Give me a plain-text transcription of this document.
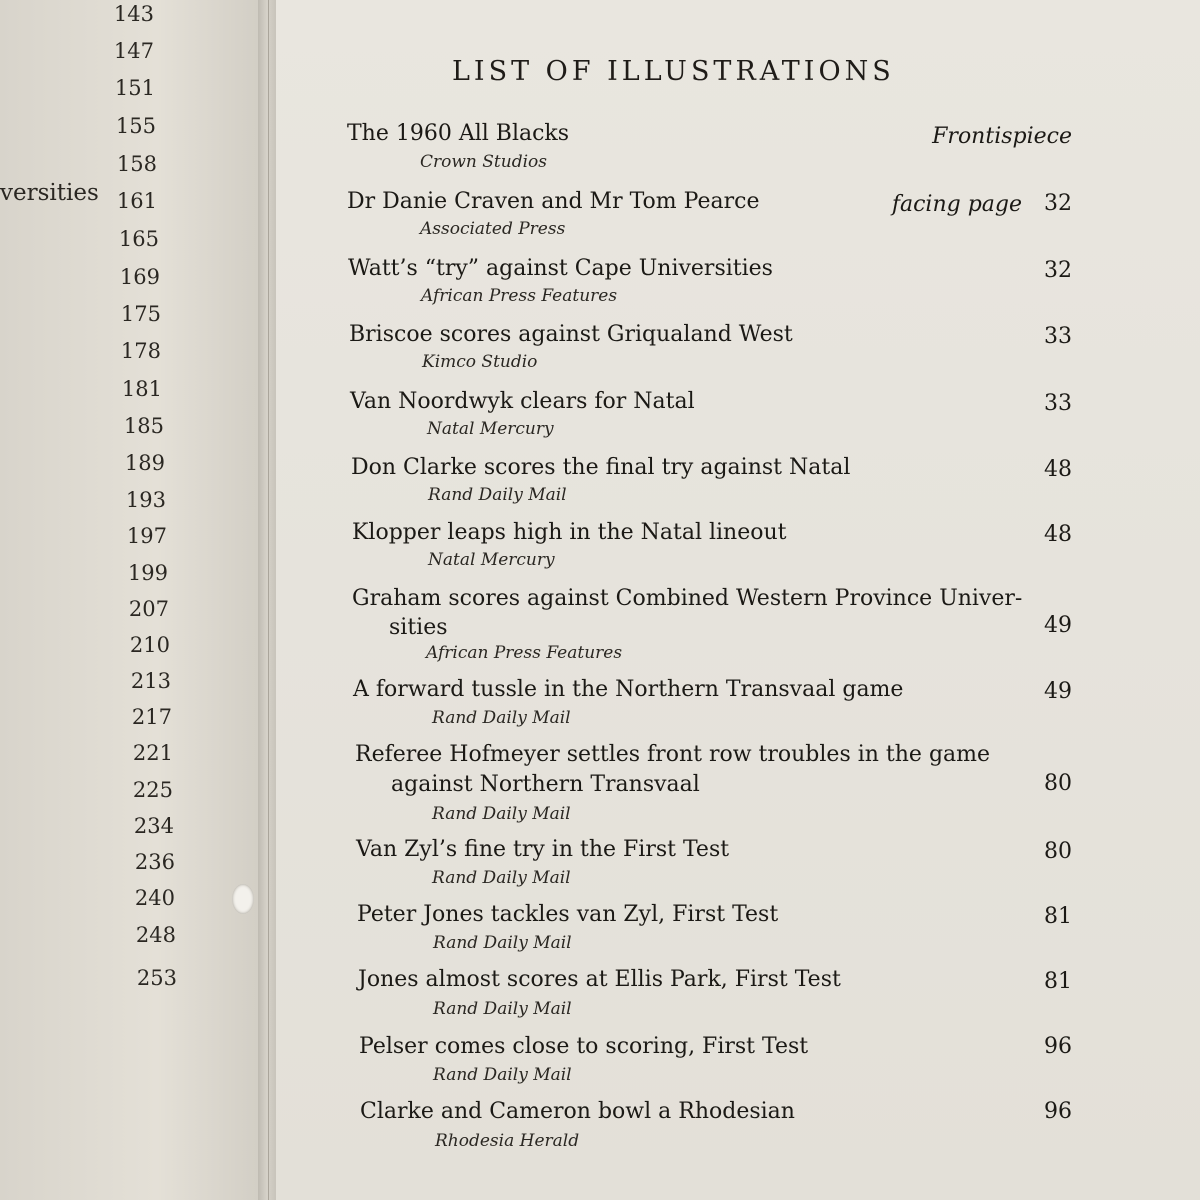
versities
143
147
151
155
158
161
165
169
175
178
181
185
189
193
197
199
207
210
213
217
221
225
234
236
240
248
253
LIST OF ILLUSTRATIONS
The 1960 All Blacks
Crown Studios
Frontispiece
Dr Danie Craven and Mr Tom Pearce
Associated Press
facing page 32
Watt’s “try” against Cape Universities
African Press Features
32
Briscoe scores against Griqualand West
Kimco Studio
33
Van Noordwyk clears for Natal
Natal Mercury
33
Don Clarke scores the final try against Natal
Rand Daily Mail
48
Klopper leaps high in the Natal lineout
Natal Mercury
48
Graham scores against Combined Western Province Univer-
sities
African Press Features
49
A forward tussle in the Northern Transvaal game
Rand Daily Mail
49
Referee Hofmeyer settles front row troubles in the game
against Northern Transvaal
Rand Daily Mail
80
Van Zyl’s fine try in the First Test
Rand Daily Mail
80
Peter Jones tackles van Zyl, First Test
Rand Daily Mail
81
Jones almost scores at Ellis Park, First Test
Rand Daily Mail
81
Pelser comes close to scoring, First Test
Rand Daily Mail
96
Clarke and Cameron bowl a Rhodesian
Rhodesia Herald
96
